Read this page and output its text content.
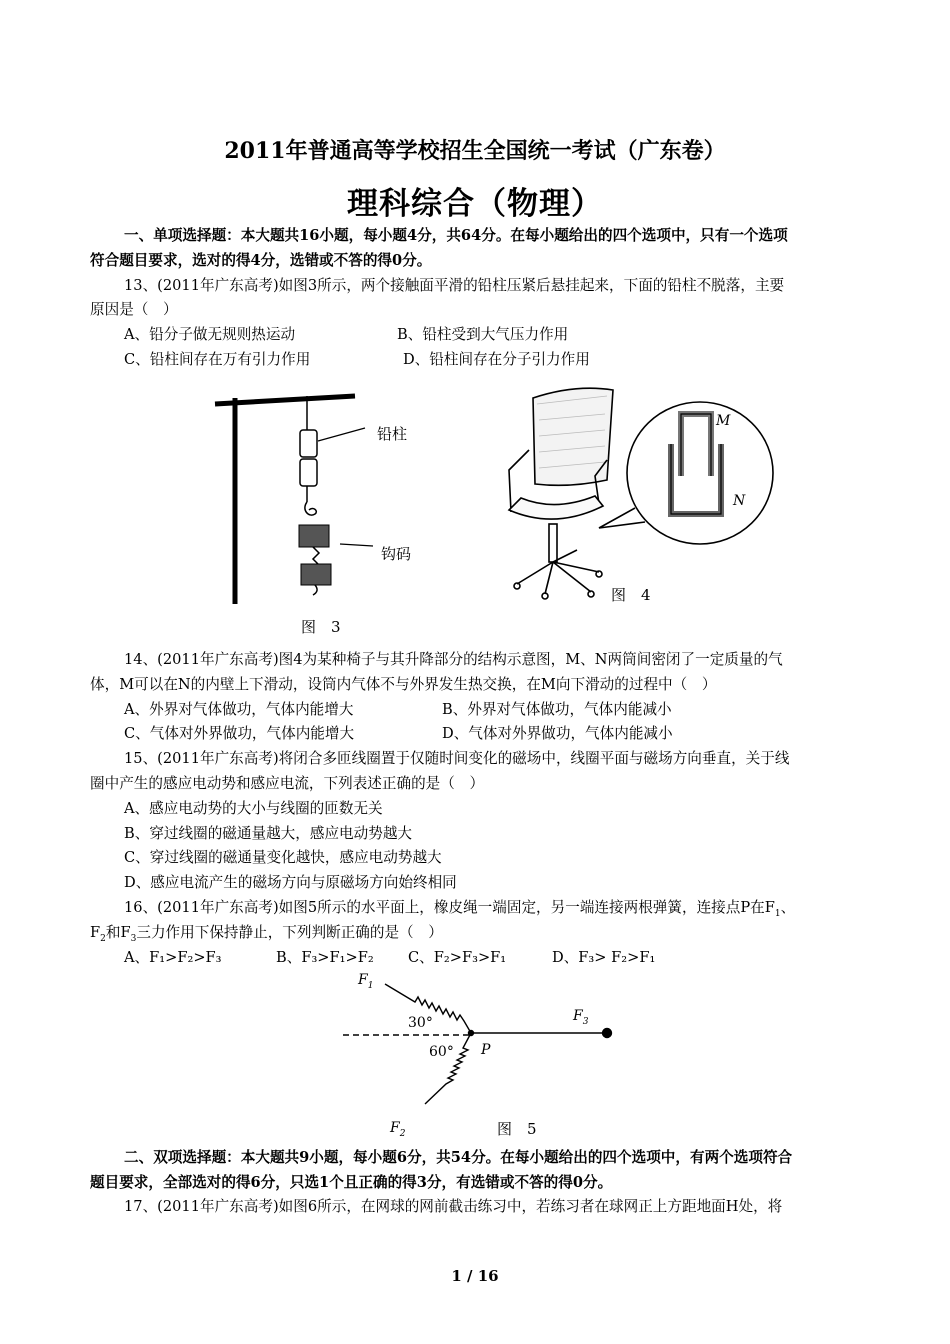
2011年普通高等学校招生全国统一考试（广东卷）
理科综合（物理）
一、单项选择题：本大题共16小题，每小题4分，共64分。在每小题给出的四个选项中，只有一个选项
符合题目要求，选对的得4分，选错或不答的得0分。
13、(2011年广东高考)如图3所示，两个接触面平滑的铅柱压紧后悬挂起来，下面的铅柱不脱落，主要
原因是（　）
A、铅分子做无规则热运动	B、铅柱受到大气压力作用
C、铅柱间存在万有引力作用	D、铅柱间存在分子引力作用
铅柱
钩码
图　3
M
N
图　4
14、(2011年广东高考)图4为某种椅子与其升降部分的结构示意图，M、N两筒间密闭了一定质量的气
体，M可以在N的内壁上下滑动，设筒内气体不与外界发生热交换，在M向下滑动的过程中（　）
A、外界对气体做功，气体内能增大	B、外界对气体做功，气体内能减小
C、气体对外界做功，气体内能增大	D、气体对外界做功，气体内能减小
15、(2011年广东高考)将闭合多匝线圈置于仅随时间变化的磁场中，线圈平面与磁场方向垂直，关于线
圈中产生的感应电动势和感应电流，下列表述正确的是（　）
A、感应电动势的大小与线圈的匝数无关
B、穿过线圈的磁通量越大，感应电动势越大
C、穿过线圈的磁通量变化越快，感应电动势越大
D、感应电流产生的磁场方向与原磁场方向始终相同
16、(2011年广东高考)如图5所示的水平面上，橡皮绳一端固定，另一端连接两根弹簧，连接点P在$F_1$、
$F_2$和$F_3$三力作用下保持静止，下列判断正确的是（　）
A、F₁>F₂>F₃	B、F₃>F₁>F₂ C、F₂>F₃>F₁	D、F₃> F₂>F₁
$F_1$
$F_2$
$F_3$
30°
60° P
图　5
二、双项选择题：本大题共9小题，每小题6分，共54分。在每小题给出的四个选项中，有两个选项符合
题目要求，全部选对的得6分，只选1个且正确的得3分，有选错或不答的得0分。
17、(2011年广东高考)如图6所示，在网球的网前截击练习中，若练习者在球网正上方距地面H处，将
1 / 16
